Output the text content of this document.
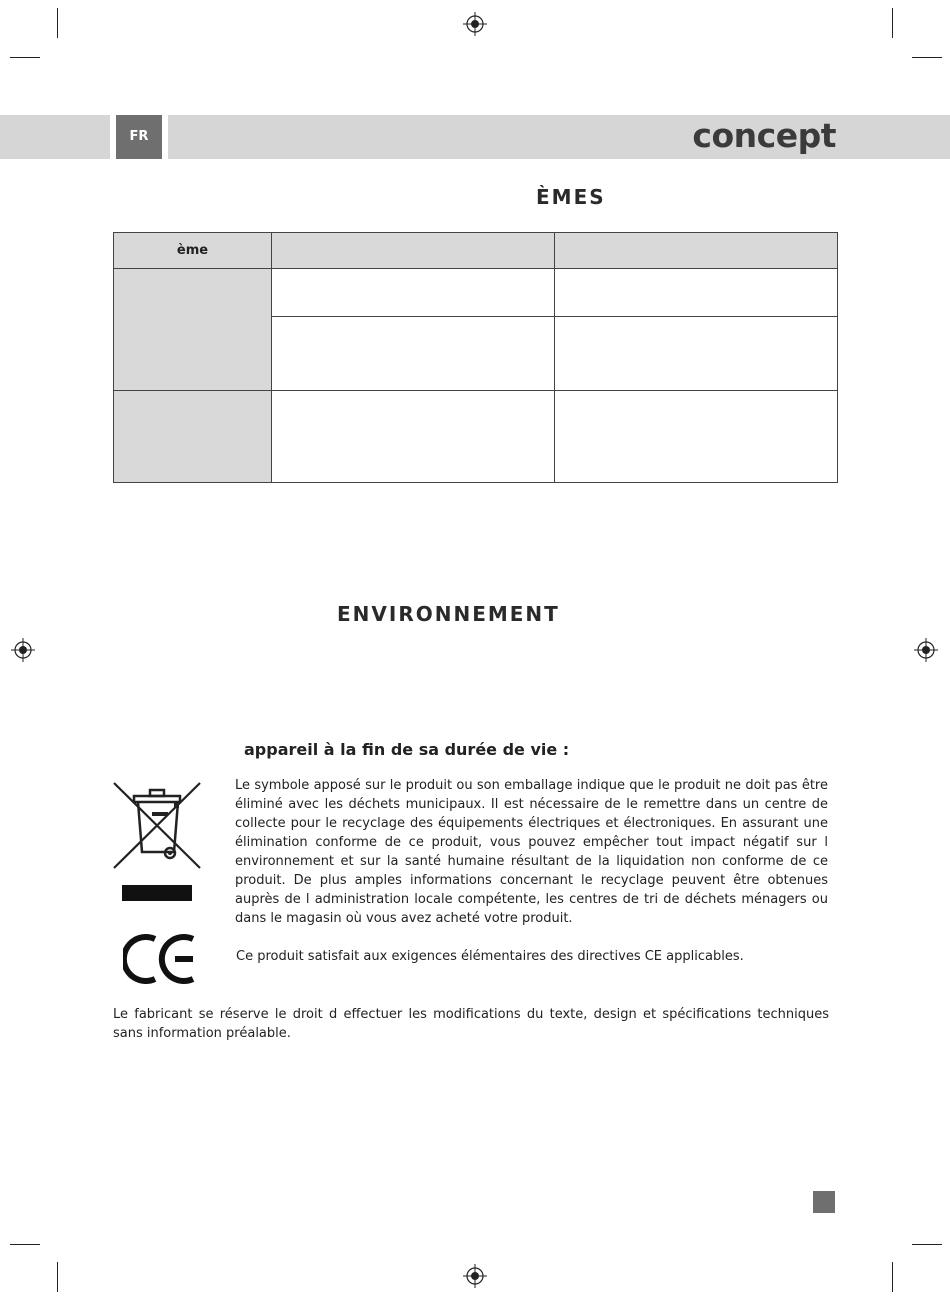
FR	concept
ÈMES
ème		

ENVIRONNEMENT
appareil à la fin de sa durée de vie :
Le symbole apposé sur le produit ou son emballage indique que le produit ne doit pas être éliminé avec les déchets municipaux. Il est nécessaire de le remettre dans un centre de collecte pour le recyclage des équipements électriques et électroniques. En assurant une élimination conforme de ce produit, vous pouvez empêcher tout impact négatif sur l environnement et sur la santé humaine résultant de la liquidation non conforme de ce produit. De plus amples informations concernant le recyclage peuvent être obtenues auprès de l administration locale compétente, les centres de tri de déchets ménagers ou dans le magasin où vous avez acheté votre produit.
Ce produit satisfait aux exigences élémentaires des directives CE applicables.
Le fabricant se réserve le droit d effectuer les modifications du texte, design et spécifications techniques sans information préalable.
